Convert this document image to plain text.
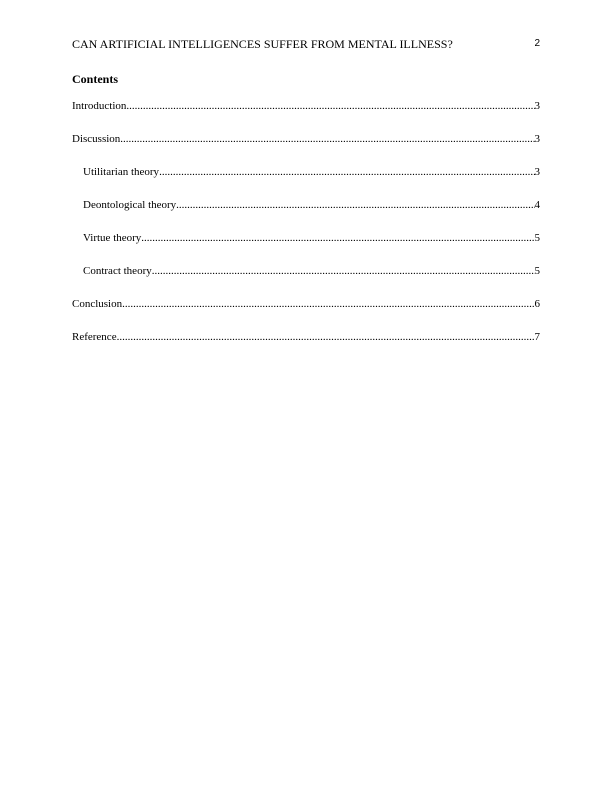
CAN ARTIFICIAL INTELLIGENCES SUFFER FROM MENTAL ILLNESS?	2
Contents
Introduction .....	3
Discussion .....	3
Utilitarian theory .....	3
Deontological theory .....	4
Virtue theory .....	5
Contract theory .....	5
Conclusion .....	6
Reference .....	7
